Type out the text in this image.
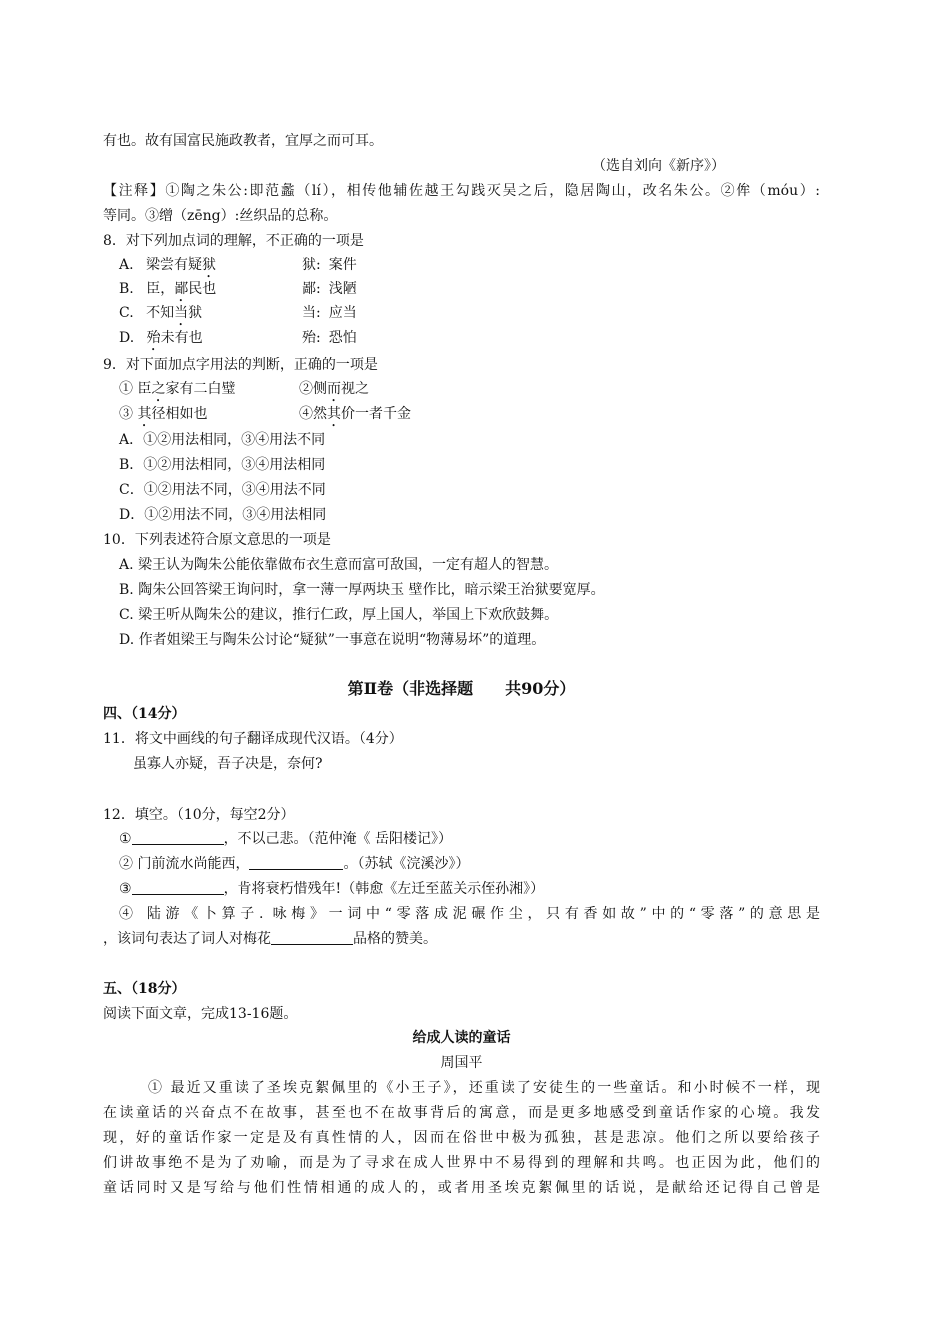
有也。故有国富民施政教者，宜厚之而可耳。
（选自刘向《新序》）
【注释】①陶之朱公:即范蠡（lí），相传他辅佐越王勾践灭吴之后，隐居陶山，改名朱公。②侔（móu）:
等同。③缯（zēng）:丝织品的总称。
8．对下列加点词的理解，不正确的一项是
A. 梁尝有疑狱	狱: 案件
B. 臣，鄙民也	鄙: 浅陋
C. 不知当狱	当: 应当
D. 殆未有也	殆: 恐怕
9．对下面加点字用法的判断，正确的一项是
① 臣之家有二白璧	②侧而视之
③ 其径相如也	④然其价一者千金
A．①②用法相同，③④用法不同
B．①②用法相同，③④用法相同
C．①②用法不同，③④用法不同
D．①②用法不同，③④用法相同
10．下列表述符合原文意思的一项是
A. 梁王认为陶朱公能依靠做布衣生意而富可敌国，一定有超人的智慧。
B. 陶朱公回答梁王询问时，拿一薄一厚两块玉 壁作比，暗示梁王治狱要宽厚。
C. 梁王听从陶朱公的建议，推行仁政，厚上国人，举国上下欢欣鼓舞。
D. 作者姐梁王与陶朱公讨论“疑狱”一事意在说明“物薄易坏”的道理。
第Ⅱ卷（非选择题　　共90分）
四、（14分）
11．将文中画线的句子翻译成现代汉语。（4分）
虽寡人亦疑，吾子决是，奈何?
12．填空。（10分，每空2分）
①	，不以己悲。（范仲淹《 岳阳楼记》）
② 门前流水尚能西，	。（苏轼《浣溪沙》）
③	，肯将衰朽惜残年!（韩愈《左迁至蓝关示侄孙湘》）
④ 陆游《卜算子. 咏梅》一词中“零落成泥碾作尘，只有香如故”中的“零落”的意思是
，该词句表达了词人对梅花	品格的赞美。
五、（18分）
阅读下面文章，完成13-16题。
给成人读的童话
周国平
① 最近又重读了圣埃克絮佩里的《小王子》，还重读了安徒生的一些童话。和小时候不一样，现
在读童话的兴奋点不在故事，甚至也不在故事背后的寓意，而是更多地感受到童话作家的心境。我发
现，好的童话作家一定是及有真性情的人，因而在俗世中极为孤独，甚是悲凉。他们之所以要给孩子
们讲故事绝不是为了劝喻，而是为了寻求在成人世界中不易得到的理解和共鸣。也正因为此，他们的
童话同时又是写给与他们性情相通的成人的，或者用圣埃克絮佩里的话说，是献给还记得自己曾是
